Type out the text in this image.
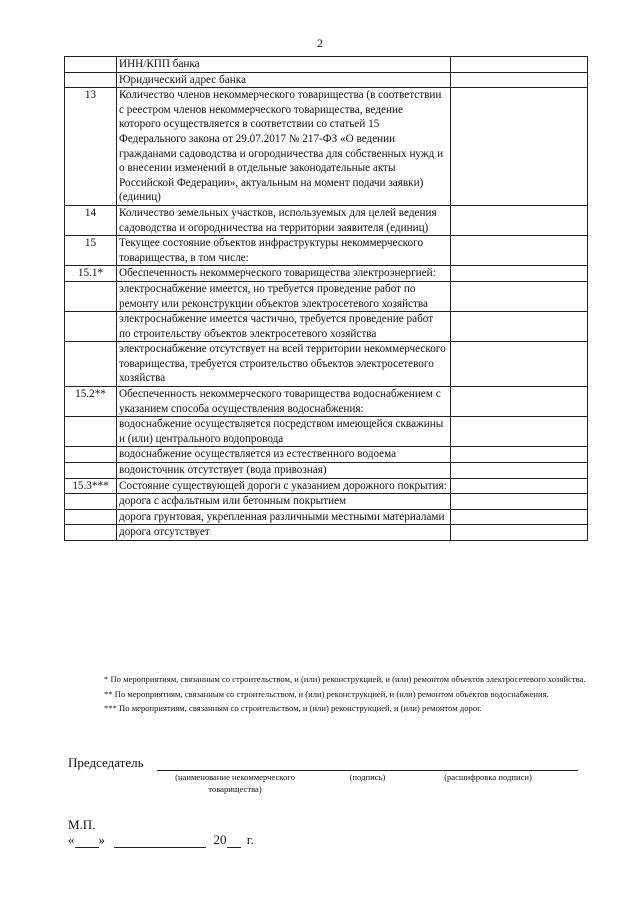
2
	ИНН/КПП банка	
	Юридический адрес банка	
13	Количество членов некоммерческого товарищества (в соответствии с реестром членов некоммерческого товарищества, ведение которого осуществляется в соответствии со статьей 15 Федерального закона от 29.07.2017 № 217-ФЗ «О ведении гражданами садоводства и огородничества для собственных нужд и о внесении изменений в отдельные законодательные акты Российской Федерации», актуальным на момент подачи заявки) (единиц)	
14	Количество земельных участков, используемых для целей ведения садоводства и огородничества на территории заявителя (единиц)	
15	Текущее состояние объектов инфраструктуры некоммерческого товарищества, в том числе:	
15.1*	Обеспеченность некоммерческого товарищества электроэнергией:	
	электроснабжение имеется, но требуется проведение работ по ремонту или реконструкции объектов электросетевого хозяйства	
	электроснабжение имеется частично, требуется проведение работ по строительству объектов электросетевого хозяйства	
	электроснабжение отсутствует на всей территории некоммерческого товарищества, требуется строительство объектов электросетевого хозяйства	
15.2**	Обеспеченность некоммерческого товарищества водоснабжением с указанием способа осуществления водоснабжения:	
	водоснабжение осуществляется посредством имеющейся скважины и (или) центрального водопровода	
	водоснабжение осуществляется из естественного водоема	
	водоисточник отсутствует (вода привозная)	
15.3***	Состояние существующей дороги с указанием дорожного покрытия:	
	дорога с асфальтным или бетонным покрытием	
	дорога грунтовая, укрепленная различными местными материалами	
	дорога отсутствует	

* По мероприятиям, связанным со строительством, и (или) реконструкцией, и (или) ремонтом объектов электросетевого хозяйства.

** По мероприятиям, связанным со строительством, и (или) реконструкцией, и (или) ремонтом объектов водоснабжения.

*** По мероприятиям, связанным со строительством, и (или) реконструкцией, и (или) ремонтом дорог.

Председатель
(наименование некоммерческого товарищества)
(подпись)	(расшифровка подписи)
М.П.
« »	20 г.
